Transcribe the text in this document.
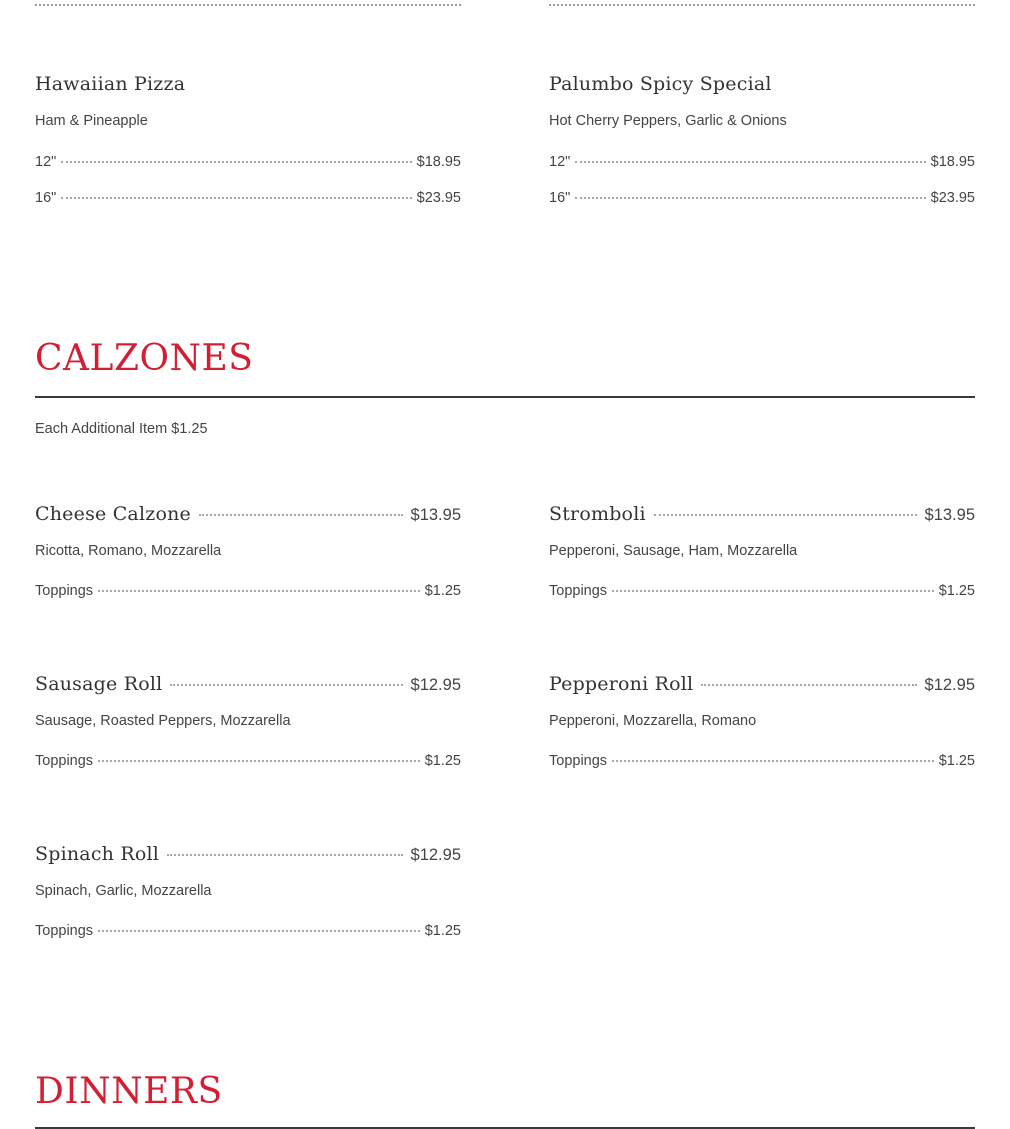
Hawaiian Pizza
Ham & Pineapple
12"	$18.95
16"	$23.95
Palumbo Spicy Special
Hot Cherry Peppers, Garlic & Onions
12"	$18.95
16"	$23.95
CALZONES
Each Additional Item $1.25
Cheese Calzone	$13.95
Ricotta, Romano, Mozzarella
Toppings	$1.25
Stromboli	$13.95
Pepperoni, Sausage, Ham, Mozzarella
Toppings	$1.25
Sausage Roll	$12.95
Sausage, Roasted Peppers, Mozzarella
Toppings	$1.25
Pepperoni Roll	$12.95
Pepperoni, Mozzarella, Romano
Toppings	$1.25
Spinach Roll	$12.95
Spinach, Garlic, Mozzarella
Toppings	$1.25
DINNERS
